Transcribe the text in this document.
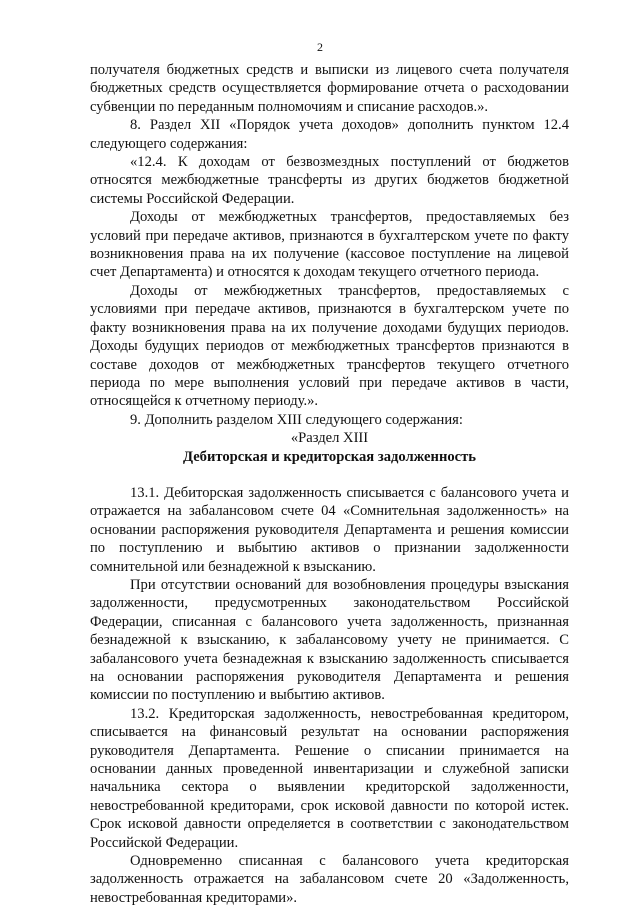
2

получателя бюджетных средств и выписки из лицевого счета получателя бюджетных средств осуществляется формирование отчета о расходовании субвенции по переданным полномочиям и списание расходов.».

8. Раздел XII «Порядок учета доходов» дополнить пунктом 12.4 следующего содержания:

«12.4. К доходам от безвозмездных поступлений от бюджетов относятся межбюджетные трансферты из других бюджетов бюджетной системы Российской Федерации.

Доходы от межбюджетных трансфертов, предоставляемых без условий при передаче активов, признаются в бухгалтерском учете по факту возникновения права на их получение (кассовое поступление на лицевой счет Департамента) и относятся к доходам текущего отчетного периода.

Доходы от межбюджетных трансфертов, предоставляемых с условиями при передаче активов, признаются в бухгалтерском учете по факту возникновения права на их получение доходами будущих периодов. Доходы будущих периодов от межбюджетных трансфертов признаются в составе доходов от межбюджетных трансфертов текущего отчетного периода по мере выполнения условий при передаче активов в части, относящейся к отчетному периоду.».

9. Дополнить разделом XIII следующего содержания:

«Раздел XIII

Дебиторская и кредиторская задолженность

13.1. Дебиторская задолженность списывается с балансового учета и отражается на забалансовом счете 04 «Сомнительная задолженность» на основании распоряжения руководителя Департамента и решения комиссии по поступлению и выбытию активов о признании задолженности сомнительной или безнадежной к взысканию.

При отсутствии оснований для возобновления процедуры взыскания задолженности, предусмотренных законодательством Российской Федерации, списанная с балансового учета задолженность, признанная безнадежной к взысканию, к забалансовому учету не принимается. С забалансового учета безнадежная к взысканию задолженность списывается на основании распоряжения руководителя Департамента и решения комиссии по поступлению и выбытию активов.

13.2. Кредиторская задолженность, невостребованная кредитором, списывается на финансовый результат на основании распоряжения руководителя Департамента. Решение о списании принимается на основании данных проведенной инвентаризации и служебной записки начальника сектора о выявлении кредиторской задолженности, невостребованной кредиторами, срок исковой давности по которой истек. Срок исковой давности определяется в соответствии с законодательством Российской Федерации.

Одновременно списанная с балансового учета кредиторская задолженность отражается на забалансовом счете 20 «Задолженность, невостребованная кредиторами».
